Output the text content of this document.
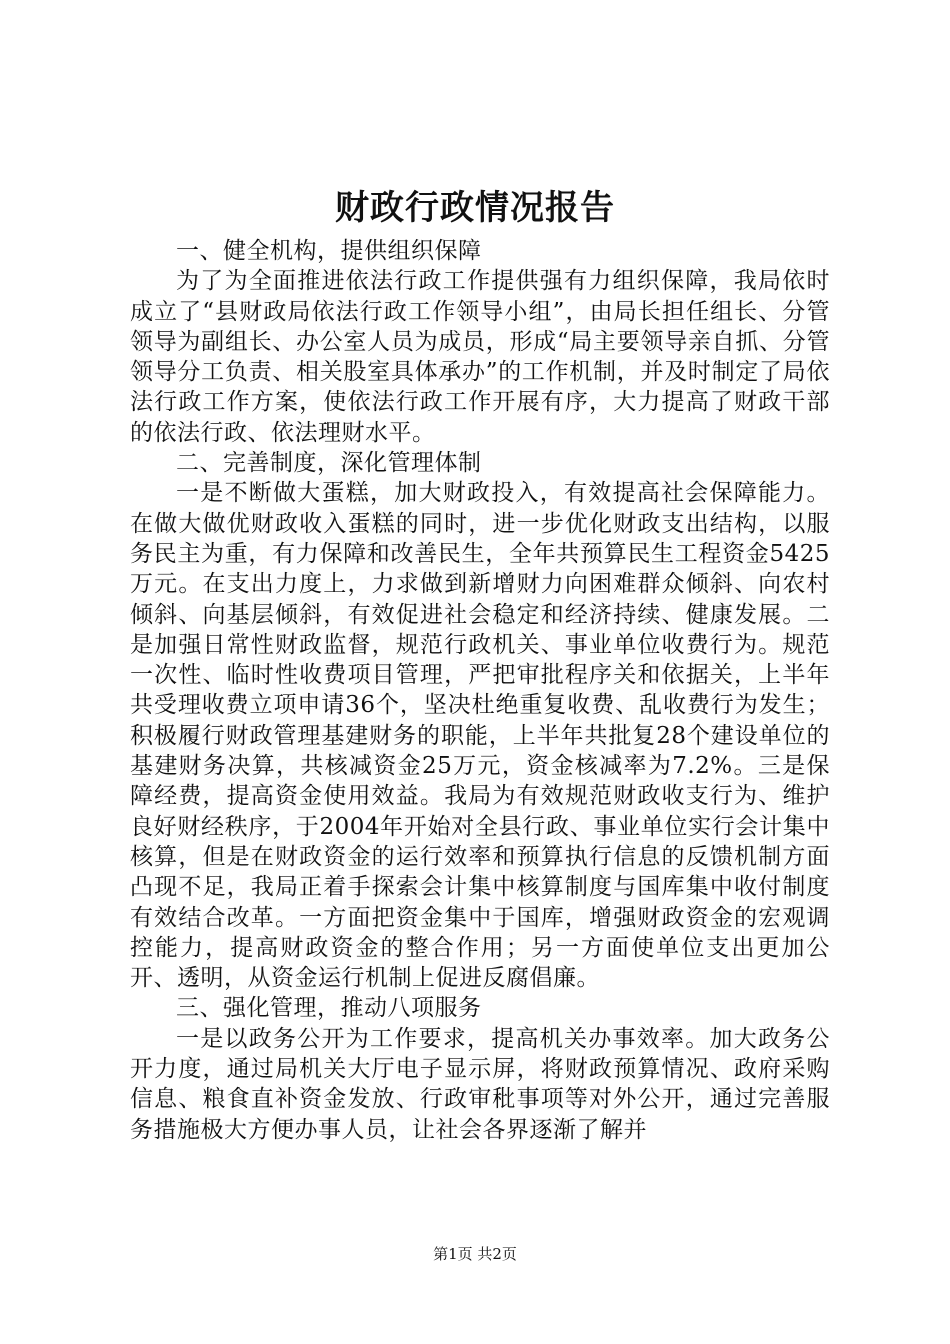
财政行政情况报告

一、健全机构，提供组织保障

为了为全面推进依法行政工作提供强有力组织保障，我局依时成立了“县财政局依法行政工作领导小组”，由局长担任组长、分管领导为副组长、办公室人员为成员，形成“局主要领导亲自抓、分管领导分工负责、相关股室具体承办”的工作机制，并及时制定了局依法行政工作方案，使依法行政工作开展有序，大力提高了财政干部的依法行政、依法理财水平。

二、完善制度，深化管理体制

一是不断做大蛋糕，加大财政投入，有效提高社会保障能力。在做大做优财政收入蛋糕的同时，进一步优化财政支出结构，以服务民主为重，有力保障和改善民生，全年共预算民生工程资金5425万元。在支出力度上，力求做到新增财力向困难群众倾斜、向农村倾斜、向基层倾斜，有效促进社会稳定和经济持续、健康发展。二是加强日常性财政监督，规范行政机关、事业单位收费行为。规范一次性、临时性收费项目管理，严把审批程序关和依据关，上半年共受理收费立项申请36个，坚决杜绝重复收费、乱收费行为发生；积极履行财政管理基建财务的职能，上半年共批复28个建设单位的基建财务决算，共核减资金25万元，资金核减率为7.2%。三是保障经费，提高资金使用效益。我局为有效规范财政收支行为、维护良好财经秩序，于2004年开始对全县行政、事业单位实行会计集中核算，但是在财政资金的运行效率和预算执行信息的反馈机制方面凸现不足，我局正着手探索会计集中核算制度与国库集中收付制度有效结合改革。一方面把资金集中于国库，增强财政资金的宏观调控能力，提高财政资金的整合作用；另一方面使单位支出更加公开、透明，从资金运行机制上促进反腐倡廉。

三、强化管理，推动八项服务

一是以政务公开为工作要求，提高机关办事效率。加大政务公开力度，通过局机关大厅电子显示屏，将财政预算情况、政府采购信息、粮食直补资金发放、行政审秕事项等对外公开，通过完善服务措施极大方便办事人员，让社会各界逐渐了解并

第1页 共2页
